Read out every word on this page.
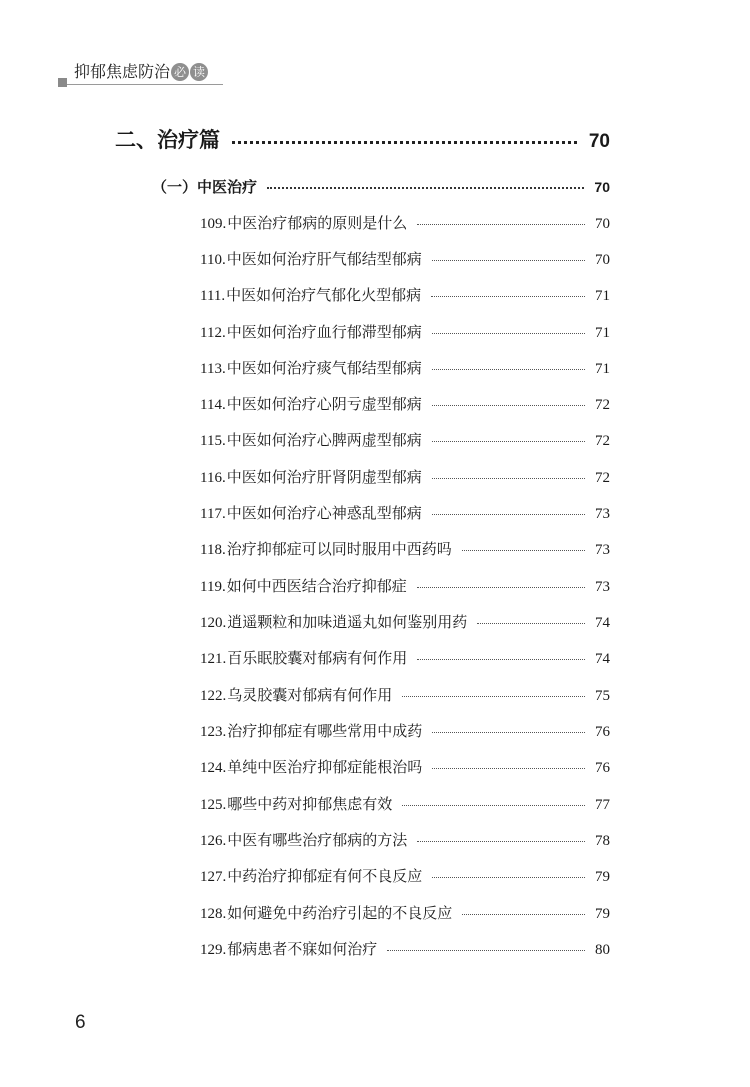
抑郁焦虑防治 必 读
二、治疗篇	70
（一）中医治疗	70
109.中医治疗郁病的原则是什么	70
110.中医如何治疗肝气郁结型郁病	70
111.中医如何治疗气郁化火型郁病	71
112.中医如何治疗血行郁滞型郁病	71
113.中医如何治疗痰气郁结型郁病	71
114.中医如何治疗心阴亏虚型郁病	72
115.中医如何治疗心脾两虚型郁病	72
116.中医如何治疗肝肾阴虚型郁病	72
117.中医如何治疗心神惑乱型郁病	73
118.治疗抑郁症可以同时服用中西药吗	73
119.如何中西医结合治疗抑郁症	73
120.逍遥颗粒和加味逍遥丸如何鉴别用药	74
121.百乐眠胶囊对郁病有何作用	74
122.乌灵胶囊对郁病有何作用	75
123.治疗抑郁症有哪些常用中成药	76
124.单纯中医治疗抑郁症能根治吗	76
125.哪些中药对抑郁焦虑有效	77
126.中医有哪些治疗郁病的方法	78
127.中药治疗抑郁症有何不良反应	79
128.如何避免中药治疗引起的不良反应	79
129.郁病患者不寐如何治疗	80
6
